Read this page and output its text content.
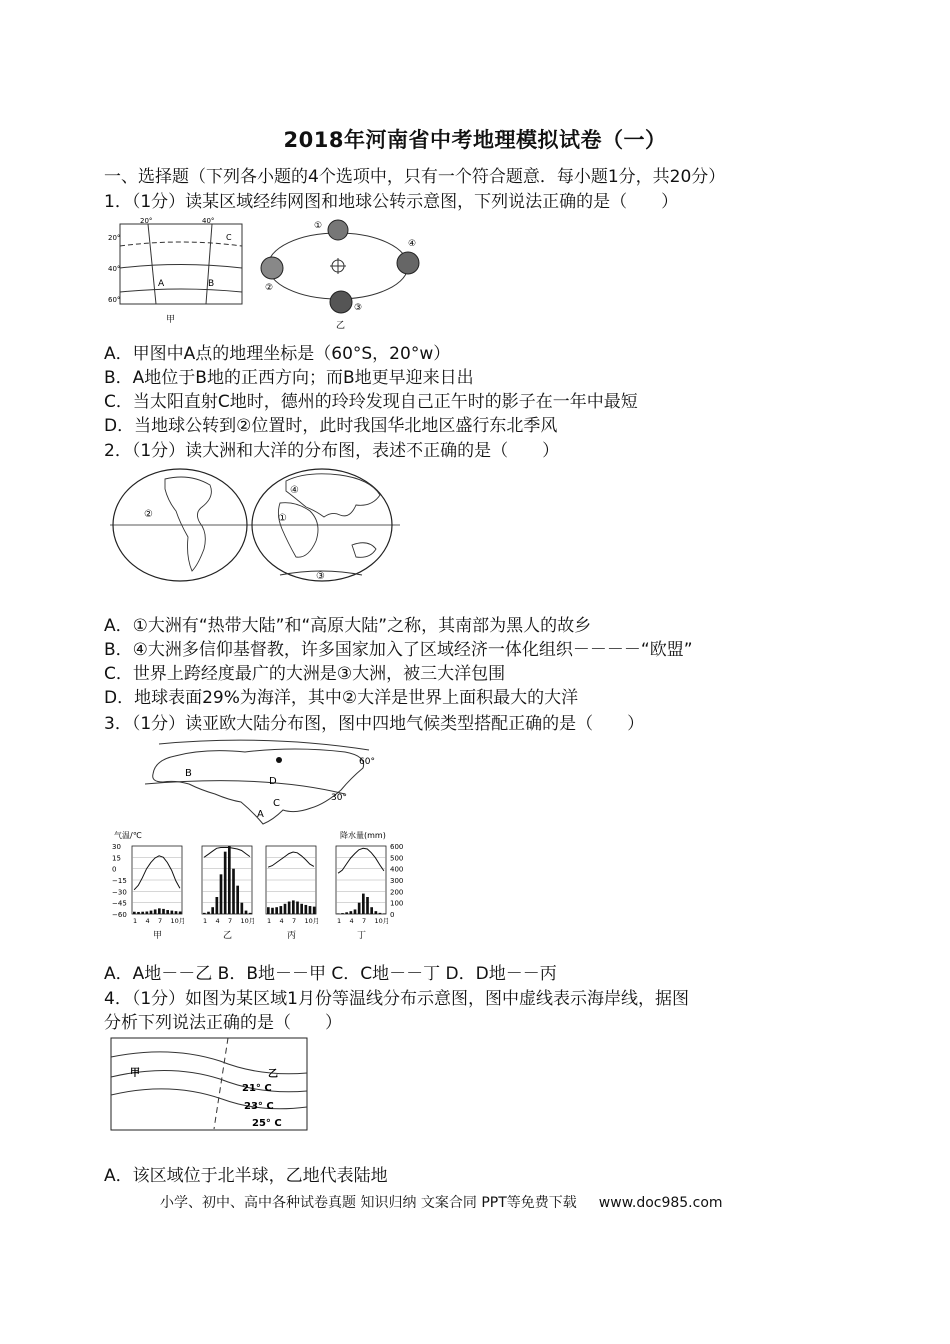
2018年河南省中考地理模拟试卷（一）
一、选择题（下列各小题的4个选项中，只有一个符合题意．每小题1分，共20分）
1．（1分）读某区域经纬网图和地球公转示意图，下列说法正确的是（　　）
20°	40°
20°
40°
60°
A	B
C
甲
①
②
③
④
乙
A．甲图中A点的地理坐标是（60°S，20°w）
B．A地位于B地的正西方向；而B地更早迎来日出
C．当太阳直射C地时，德州的玲玲发现自己正午时的影子在一年中最短
D．当地球公转到②位置时，此时我国华北地区盛行东北季风
2．（1分）读大洲和大洋的分布图，表述不正确的是（　　）
②
④
①
③
A．①大洲有“热带大陆”和“高原大陆”之称，其南部为黑人的故乡
B．④大洲多信仰基督教，许多国家加入了区域经济一体化组织－－－－“欧盟”
C．世界上跨经度最广的大洲是③大洲，被三大洋包围
D．地球表面29%为海洋，其中②大洋是世界上面积最大的大洋
3．（1分）读亚欧大陆分布图，图中四地气候类型搭配正确的是（　　）
B
D
C
A
60°
30°
气温/℃	降水量(mm)
30
15
0
−15
−30
−45
−60
600
500
400
300
200
100
0
1 4 7 10月
甲
1 4 7 10月
乙
1 4 7 10月
丙
1 4 7 10月
丁
A．A地－－乙 B．B地－－甲 C．C地－－丁 D．D地－－丙
4．（1分）如图为某区域1月份等温线分布示意图，图中虚线表示海岸线，据图
分析下列说法正确的是（　　）
甲	乙
21° C
23° C
25° C
A．该区域位于北半球，乙地代表陆地
小学、初中、高中各种试卷真题 知识归纳 文案合同 PPT等免费下载 www.doc985.com
